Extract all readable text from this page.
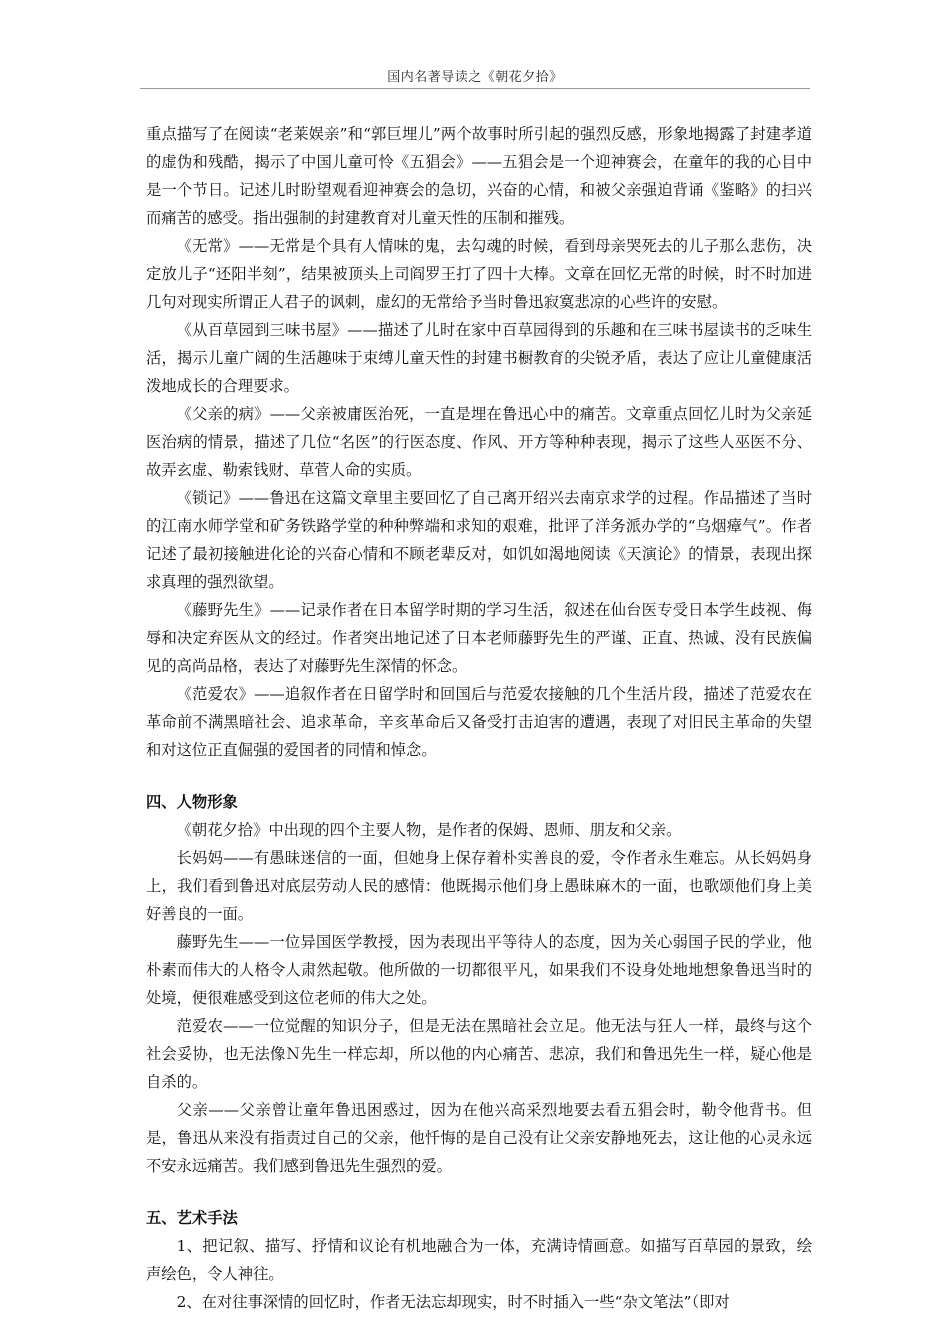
国内名著导读之《朝花夕拾》

重点描写了在阅读“老莱娱亲”和“郭巨埋儿”两个故事时所引起的强烈反感，形象地揭露了封建孝道的虚伪和残酷，揭示了中国儿童可怜《五猖会》——五猖会是一个迎神赛会，在童年的我的心目中是一个节日。记述儿时盼望观看迎神赛会的急切，兴奋的心情，和被父亲强迫背诵《鉴略》的扫兴而痛苦的感受。指出强制的封建教育对儿童天性的压制和摧残。

《无常》——无常是个具有人情味的鬼，去勾魂的时候，看到母亲哭死去的儿子那么悲伤，决定放儿子“还阳半刻”，结果被顶头上司阎罗王打了四十大棒。文章在回忆无常的时候，时不时加进几句对现实所谓正人君子的讽刺，虚幻的无常给予当时鲁迅寂寞悲凉的心些许的安慰。

《从百草园到三味书屋》——描述了儿时在家中百草园得到的乐趣和在三味书屋读书的乏味生活，揭示儿童广阔的生活趣味于束缚儿童天性的封建书橱教育的尖锐矛盾，表达了应让儿童健康活泼地成长的合理要求。

《父亲的病》——父亲被庸医治死，一直是埋在鲁迅心中的痛苦。文章重点回忆儿时为父亲延医治病的情景，描述了几位“名医”的行医态度、作风、开方等种种表现，揭示了这些人巫医不分、故弄玄虚、勒索钱财、草菅人命的实质。

《锁记》——鲁迅在这篇文章里主要回忆了自己离开绍兴去南京求学的过程。作品描述了当时的江南水师学堂和矿务铁路学堂的种种弊端和求知的艰难，批评了洋务派办学的“乌烟瘴气”。作者记述了最初接触进化论的兴奋心情和不顾老辈反对，如饥如渴地阅读《天演论》的情景，表现出探求真理的强烈欲望。

《藤野先生》——记录作者在日本留学时期的学习生活，叙述在仙台医专受日本学生歧视、侮辱和决定弃医从文的经过。作者突出地记述了日本老师藤野先生的严谨、正直、热诚、没有民族偏见的高尚品格，表达了对藤野先生深情的怀念。

《范爱农》——追叙作者在日留学时和回国后与范爱农接触的几个生活片段，描述了范爱农在革命前不满黑暗社会、追求革命，辛亥革命后又备受打击迫害的遭遇，表现了对旧民主革命的失望和对这位正直倔强的爱国者的同情和悼念。

四、人物形象

《朝花夕拾》中出现的四个主要人物，是作者的保姆、恩师、朋友和父亲。

长妈妈——有愚昧迷信的一面，但她身上保存着朴实善良的爱，令作者永生难忘。从长妈妈身上，我们看到鲁迅对底层劳动人民的感情：他既揭示他们身上愚昧麻木的一面，也歌颂他们身上美好善良的一面。

藤野先生——一位异国医学教授，因为表现出平等待人的态度，因为关心弱国子民的学业，他朴素而伟大的人格令人肃然起敬。他所做的一切都很平凡，如果我们不设身处地地想象鲁迅当时的处境，便很难感受到这位老师的伟大之处。

范爱农——一位觉醒的知识分子，但是无法在黑暗社会立足。他无法与狂人一样，最终与这个社会妥协，也无法像Ｎ先生一样忘却，所以他的内心痛苦、悲凉，我们和鲁迅先生一样，疑心他是自杀的。

父亲——父亲曾让童年鲁迅困惑过，因为在他兴高采烈地要去看五猖会时，勒令他背书。但是，鲁迅从来没有指责过自己的父亲，他忏悔的是自己没有让父亲安静地死去，这让他的心灵永远不安永远痛苦。我们感到鲁迅先生强烈的爱。

五、艺术手法

1、把记叙、描写、抒情和议论有机地融合为一体，充满诗情画意。如描写百草园的景致，绘声绘色，令人神往。

2、在对往事深情的回忆时，作者无法忘却现实，时不时插入一些“杂文笔法”（即对
